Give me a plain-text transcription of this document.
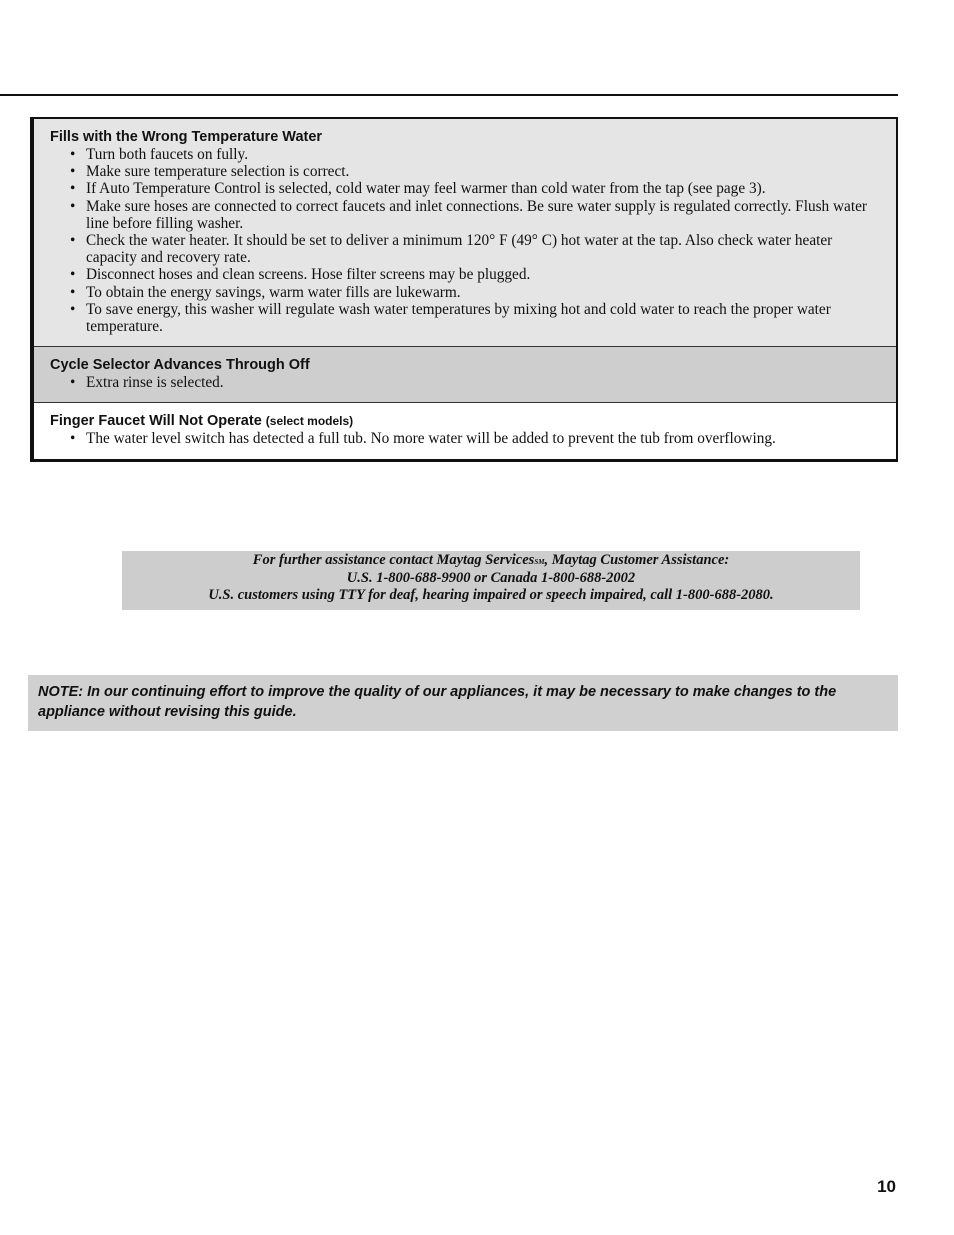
Fills with the Wrong Temperature Water

• Turn both faucets on fully.
• Make sure temperature selection is correct.
• If Auto Temperature Control is selected, cold water may feel warmer than cold water from the tap (see page 3).
• Make sure hoses are connected to correct faucets and inlet connections. Be sure water supply is regulated correctly. Flush water line before filling washer.
• Check the water heater. It should be set to deliver a minimum 120° F (49° C) hot water at the tap. Also check water heater capacity and recovery rate.
• Disconnect hoses and clean screens. Hose filter screens may be plugged.
• To obtain the energy savings, warm water fills are lukewarm.
• To save energy, this washer will regulate wash water temperatures by mixing hot and cold water to reach the proper water temperature.

Cycle Selector Advances Through Off

• Extra rinse is selected.

Finger Faucet Will Not Operate (select models)

• The water level switch has detected a full tub. No more water will be added to prevent the tub from overflowing.
For further assistance contact Maytag Services℠, Maytag Customer Assistance:
U.S. 1-800-688-9900 or Canada 1-800-688-2002
U.S. customers using TTY for deaf, hearing impaired or speech impaired, call 1-800-688-2080.
NOTE: In our continuing effort to improve the quality of our appliances, it may be necessary to make changes to the appliance without revising this guide.
10
